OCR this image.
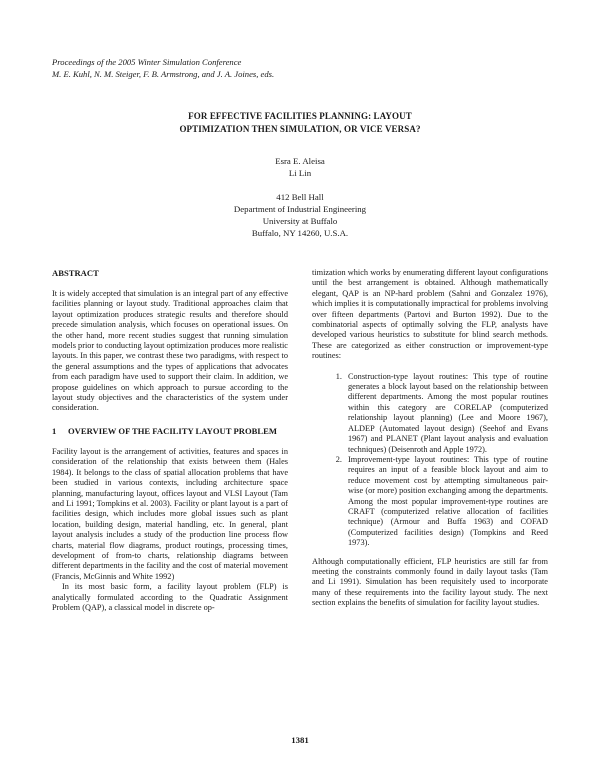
Proceedings of the 2005 Winter Simulation Conference
M. E. Kuhl, N. M. Steiger, F. B. Armstrong, and J. A. Joines, eds.
FOR EFFECTIVE FACILITIES PLANNING: LAYOUT
OPTIMIZATION THEN SIMULATION, OR VICE VERSA?
Esra E. Aleisa
Li Lin
412 Bell Hall
Department of Industrial Engineering
University at Buffalo
Buffalo, NY 14260, U.S.A.
ABSTRACT

It is widely accepted that simulation is an integral part of any effective facilities planning or layout study. Traditional approaches claim that layout optimization produces strategic results and therefore should precede simulation analysis, which focuses on operational issues. On the other hand, more recent studies suggest that running simulation models prior to conducting layout optimization produces more realistic layouts. In this paper, we contrast these two paradigms, with respect to the general assumptions and the types of applications that advocates from each paradigm have used to support their claim. In addition, we propose guidelines on which approach to pursue according to the layout study objectives and the characteristics of the system under consideration.

1	OVERVIEW OF THE FACILITY LAYOUT PROBLEM

Facility layout is the arrangement of activities, features and spaces in consideration of the relationship that exists between them (Hales 1984). It belongs to the class of spatial allocation problems that have been studied in various contexts, including architecture space planning, manufacturing layout, offices layout and VLSI Layout (Tam and Li 1991; Tompkins et al. 2003). Facility or plant layout is a part of facilities design, which includes more global issues such as plant location, building design, material handling, etc. In general, plant layout analysis includes a study of the production line process flow charts, material flow diagrams, product routings, processing times, development of from-to charts, relationship diagrams between different departments in the facility and the cost of material movement (Francis, McGinnis and White 1992)

In its most basic form, a facility layout problem (FLP) is analytically formulated according to the Quadratic Assignment Problem (QAP), a classical model in discrete op-

timization which works by enumerating different layout configurations until the best arrangement is obtained. Although mathematically elegant, QAP is an NP-hard problem (Sahni and Gonzalez 1976), which implies it is computationally impractical for problems involving over fifteen departments (Partovi and Burton 1992). Due to the combinatorial aspects of optimally solving the FLP, analysts have developed various heuristics to substitute for blind search methods. These are categorized as either construction or improvement-type routines:

1. Construction-type layout routines: This type of routine generates a block layout based on the relationship between different departments. Among the most popular routines within this category are CORELAP (computerized relationship layout planning) (Lee and Moore 1967), ALDEP (Automated layout design) (Seehof and Evans 1967) and PLANET (Plant layout analysis and evaluation techniques) (Deisenroth and Apple 1972).
2. Improvement-type layout routines: This type of routine requires an input of a feasible block layout and aim to reduce movement cost by attempting simultaneous pair-wise (or more) position exchanging among the departments. Among the most popular improvement-type routines are CRAFT (computerized relative allocation of facilities technique) (Armour and Buffa 1963) and COFAD (Computerized facilities design) (Tompkins and Reed 1973).

Although computationally efficient, FLP heuristics are still far from meeting the constraints commonly found in daily layout tasks (Tam and Li 1991). Simulation has been requisitely used to incorporate many of these requirements into the facility layout study. The next section explains the benefits of simulation for facility layout studies.

1381
